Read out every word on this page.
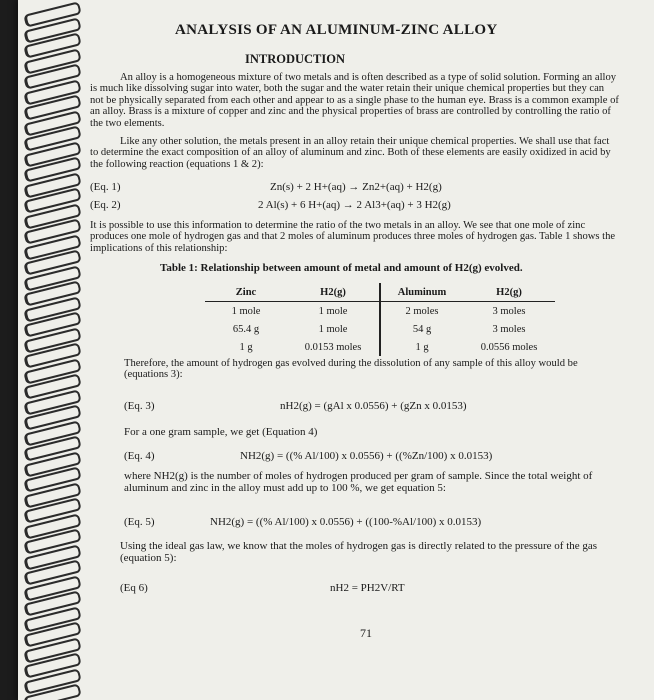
ANALYSIS OF AN ALUMINUM-ZINC ALLOY
INTRODUCTION
An alloy is a homogeneous mixture of two metals and is often described as a type of solid solution. Forming an alloy is much like dissolving sugar into water, both the sugar and the water retain their unique chemical properties but they can not be physically separated from each other and appear to as a single phase to the human eye. Brass is a common example of an alloy. Brass is a mixture of copper and zinc and the physical properties of brass are controlled by controlling the ratio of the two elements.
Like any other solution, the metals present in an alloy retain their unique chemical properties. We shall use that fact to determine the exact composition of an alloy of aluminum and zinc. Both of these elements are easily oxidized in acid by the following reaction (equations 1 & 2):
(Eq. 1)	Zn(s) + 2 H+(aq) → Zn2+(aq) + H2(g)
(Eq. 2)	2 Al(s) + 6 H+(aq) → 2 Al3+(aq) + 3 H2(g)
It is possible to use this information to determine the ratio of the two metals in an alloy. We see that one mole of zinc produces one mole of hydrogen gas and that 2 moles of aluminum produces three moles of hydrogen gas. Table 1 shows the implications of this relationship:
Table 1: Relationship between amount of metal and amount of H2(g) evolved.
Zinc	H2(g)	Aluminum	H2(g)
1 mole	1 mole	2 moles	3 moles
65.4 g	1 mole	54 g	3 moles
1 g	0.0153 moles	1 g	0.0556 moles
Therefore, the amount of hydrogen gas evolved during the dissolution of any sample of this alloy would be (equations 3):
(Eq. 3)	nH2(g) = (gAl x 0.0556) + (gZn x 0.0153)
For a one gram sample, we get (Equation 4)
(Eq. 4)	NH2(g) = ((% Al/100) x 0.0556) + ((%Zn/100) x 0.0153)
where NH2(g) is the number of moles of hydrogen produced per gram of sample. Since the total weight of aluminum and zinc in the alloy must add up to 100 %, we get equation 5:
(Eq. 5)	NH2(g) = ((% Al/100) x 0.0556) + ((100-%Al/100) x 0.0153)
Using the ideal gas law, we know that the moles of hydrogen gas is directly related to the pressure of the gas (equation 5):
(Eq 6)	nH2 = PH2V/RT
71
